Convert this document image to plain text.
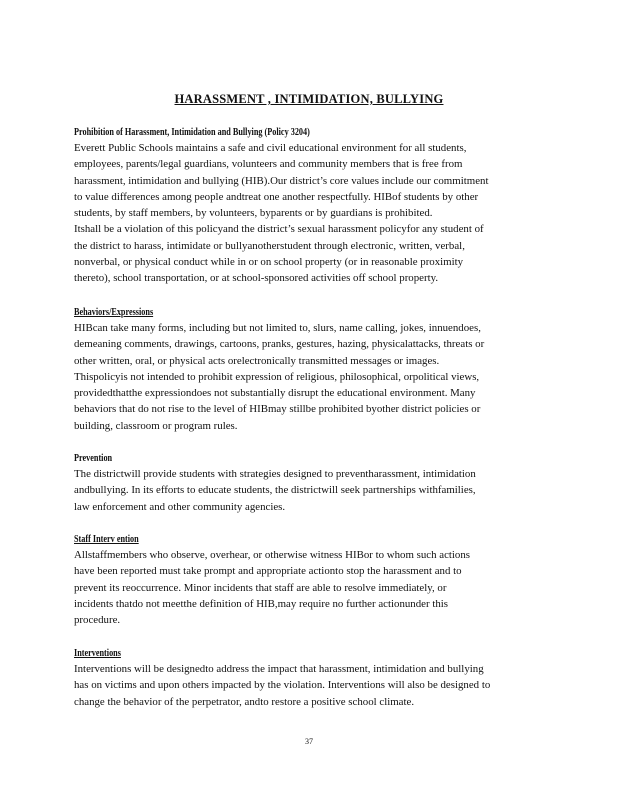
HARASSMENT , INTIMIDATION, BULLYING
Prohibition of Harassment, Intimidation and Bullying (Policy 3204)
Everett Public Schools maintains a safe and civil educational environment for all students,
employees, parents/legal guardians, volunteers and community members that is free from
harassment, intimidation and bullying (HIB).Our district’s core values include our commitment
to value differences among people andtreat one another respectfully. HIBof students by other
students, by staff members, by volunteers, byparents or by guardians is prohibited.
Itshall be a violation of this policyand the district’s sexual harassment policyfor any student of
the district to harass, intimidate or bullyanotherstudent through electronic, written, verbal,
nonverbal, or physical conduct while in or on school property (or in reasonable proximity
thereto), school transportation, or at school-sponsored activities off school property.
Behaviors/Expressions
HIBcan take many forms, including but not limited to, slurs, name calling, jokes, innuendoes,
demeaning comments, drawings, cartoons, pranks, gestures, hazing, physicalattacks, threats or
other written, oral, or physical acts orelectronically transmitted messages or images.
Thispolicyis not intended to prohibit expression of religious, philosophical, orpolitical views,
providedthatthe expressiondoes not substantially disrupt the educational environment. Many
behaviors that do not rise to the level of HIBmay stillbe prohibited byother district policies or
building, classroom or program rules.
Prevention
The districtwill provide students with strategies designed to preventharassment, intimidation
andbullying. In its efforts to educate students, the districtwill seek partnerships withfamilies,
law enforcement and other community agencies.
Staff Interv ention
Allstaffmembers who observe, overhear, or otherwise witness HIBor to whom such actions
have been reported must take prompt and appropriate actionto stop the harassment and to
prevent its reoccurrence. Minor incidents that staff are able to resolve immediately, or
incidents thatdo not meetthe definition of HIB,may require no further actionunder this
procedure.
Interventions
Interventions will be designedto address the impact that harassment, intimidation and bullying
has on victims and upon others impacted by the violation. Interventions will also be designed to
change the behavior of the perpetrator, andto restore a positive school climate.
37
